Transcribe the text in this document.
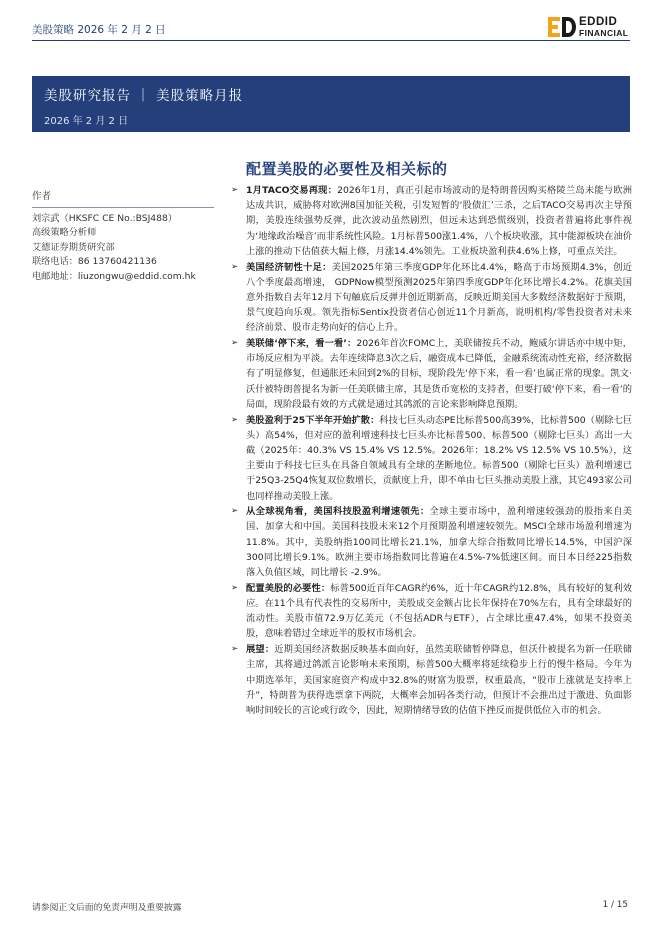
美股策略 2026 年 2 月 2 日
EDDID
FINANCIAL
美股研究报告 ｜ 美股策略月报
2026 年 2 月 2 日
配置美股的必要性及相关标的
作者
刘宗武（HKSFC CE No.:BSJ488）
高级策略分析师
艾德证券期货研究部
联络电话：86 13760421136
电邮地址：liuzongwu@eddid.com.hk
➢ 1月TACO交易再现：2026年1月，真正引起市场波动的是特朗普因购买格陵兰岛未能与欧洲达成共识，威胁将对欧洲8国加征关税，引发短暂的‘股债汇’三杀，之后TACO交易再次主导预期，美股连续强势反弹，此次波动虽然剧烈，但远未达到恐慌级别，投资者普遍将此事件视为‘地缘政治噪音’而非系统性风险。1月标普500涨1.4%，八个板块收涨，其中能源板块在油价上涨的推动下估值获大幅上修，月涨14.4%领先。工业板块盈利获4.6%上修，可重点关注。
➢ 美国经济韧性十足：美国2025年第三季度GDP年化环比4.4%，略高于市场预期4.3%，创近八个季度最高增速， GDPNow模型预测2025年第四季度GDP年化环比增长4.2%。花旗美国意外指数自去年12月下旬触底后反弹并创近期新高，反映近期美国大多数经济数据好于预期，景气度趋向乐观。领先指标Sentix投资者信心创近11个月新高，说明机构/零售投资者对未来经济前景、股市走势向好的信心上升。
➢ 美联储‘停下来，看一看’：2026年首次FOMC上，美联储按兵不动，鲍威尔讲话亦中规中矩，市场反应相为平淡。去年连续降息3次之后，融资成本已降低，金融系统流动性充裕，经济数据有了明显修复，但通胀还未回到2%的目标，现阶段先‘停下来，看一看’也属正常的现象。凯文·沃什被特朗普提名为新一任美联储主席，其是货币宽松的支持者，但要打破‘停下来，看一看’的局面，现阶段最有效的方式就是通过其鸽派的言论来影响降息预期。
➢ 美股盈利于25下半年开始扩散：科技七巨头动态PE比标普500高39%，比标普500（剔除七巨头）高54%，但对应的盈利增速科技七巨头亦比标普500、标普500（剔除七巨头）高出一大截（2025年：40.3% VS 15.4% VS 12.5%。2026年：18.2% VS 12.5% VS 10.5%），这主要由于科技七巨头在具备自领域具有全球的垄断地位。标普500（剔除七巨头）盈利增速已于25Q3-25Q4恢复双位数增长，贡献度上升，即不单由七巨头推动美股上涨，其它493家公司也同样推动美股上涨。
➢ 从全球视角看，美国科技股盈利增速领先：全球主要市场中，盈利增速较强劲的股指来自美国、加拿大和中国。美国科技股未来12个月预期盈利增速较领先。MSCI全球市场盈利增速为11.8%。其中，美股纳指100同比增长21.1%，加拿大综合指数同比增长14.5%，中国沪深300同比增长9.1%。欧洲主要市场指数同比普遍在4.5%-7%低速区间。而日本日经225指数落入负值区域，同比增长 -2.9%。
➢ 配置美股的必要性：标普500近百年CAGR约6%，近十年CAGR约12.8%，具有较好的复利效应。在11个具有代表性的交易所中，美股成交金额占比长年保持在70%左右，具有全球最好的流动性。美股市值72.9万亿美元（不包括ADR与ETF），占全球比重47.4%，如果不投资美股，意味着错过全球近半的股权市场机会。
➢ 展望：近期美国经济数据反映基本面向好，虽然美联储暂停降息，但沃什被提名为新一任联储主席，其将通过鸽派言论影响未来预期，标普500大概率将延续稳步上行的慢牛格局。今年为中期选举年，美国家庭资产构成中32.8%的财富为股票，权重最高，“股市上涨就是支持率上升”，特朗普为获得选票拿下两院，大概率会加码各类行动，但预计不会推出过于激进、负面影响时间较长的言论或行政令，因此，短期情绪导致的估值下挫反而提供低位入市的机会。
请参阅正文后面的免责声明及重要披露	1 / 15
